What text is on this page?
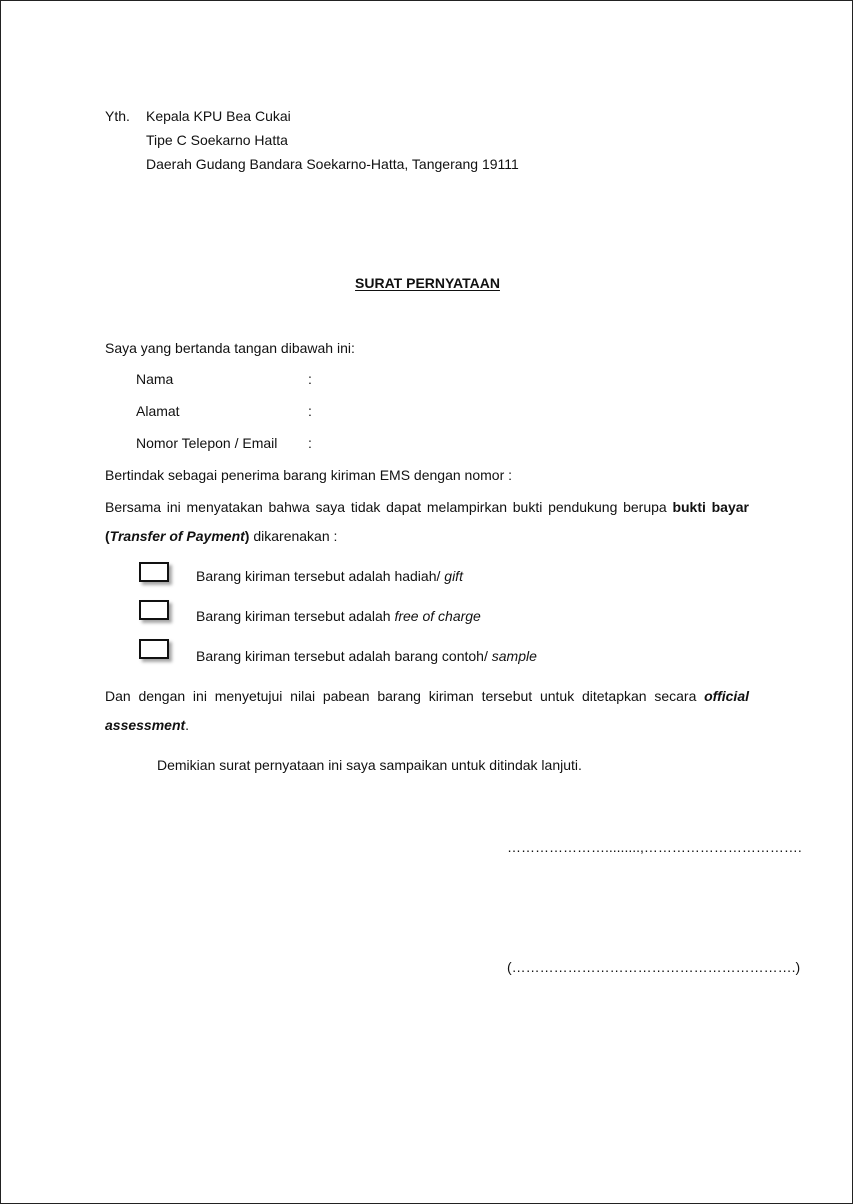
Yth. Kepala KPU Bea Cukai
Tipe C Soekarno Hatta
Daerah Gudang Bandara Soekarno-Hatta, Tangerang 19111
SURAT PERNYATAAN
Saya yang bertanda tangan dibawah ini:
Nama	:
Alamat	:
Nomor Telepon / Email :
Bertindak sebagai penerima barang kiriman EMS dengan nomor :
Bersama ini menyatakan bahwa saya tidak dapat melampirkan bukti pendukung berupa bukti bayar
(Transfer of Payment) dikarenakan :
Barang kiriman tersebut adalah hadiah/ gift
Barang kiriman tersebut adalah free of charge
Barang kiriman tersebut adalah barang contoh/ sample
Dan dengan ini menyetujui nilai pabean barang kiriman tersebut untuk ditetapkan secara official
assessment.
Demikian surat pernyataan ini saya sampaikan untuk ditindak lanjuti.
………………….........,…………………………….
(…………………………………………………….)
